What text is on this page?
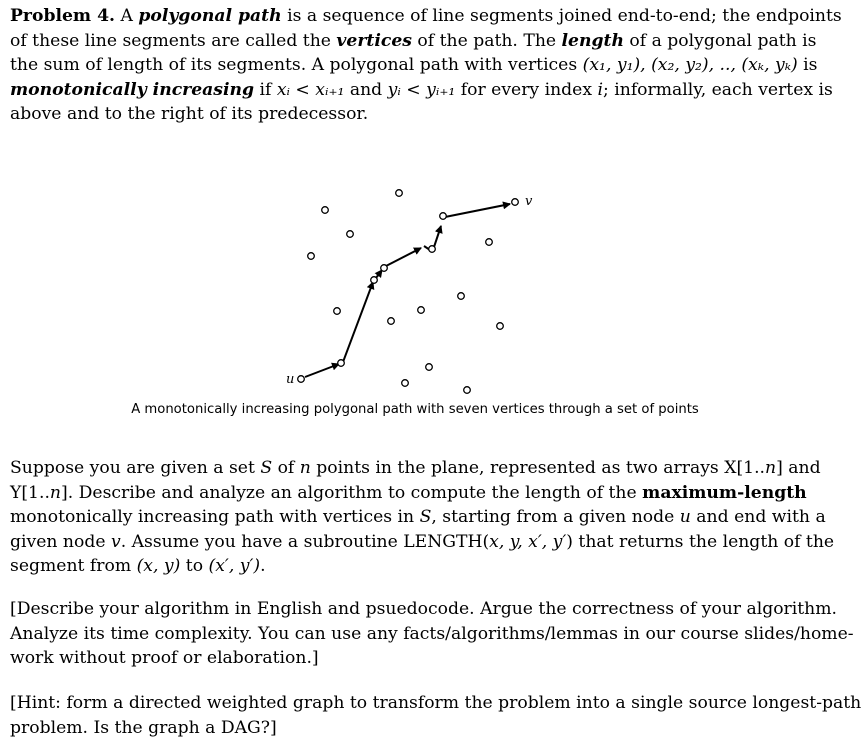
Problem 4. A polygonal path is a sequence of line segments joined end-to-end; the endpoints
of these line segments are called the vertices of the path. The length of a polygonal path is
the sum of length of its segments. A polygonal path with vertices (x₁, y₁), (x₂, y₂), .., (xₖ, yₖ) is
monotonically increasing if xᵢ < xᵢ₊₁ and yᵢ < yᵢ₊₁ for every index i; informally, each vertex is
above and to the right of its predecessor.
u
v
A monotonically increasing polygonal path with seven vertices through a set of points
Suppose you are given a set S of n points in the plane, represented as two arrays X[1..n] and
Y[1..n]. Describe and analyze an algorithm to compute the length of the maximum-length
monotonically increasing path with vertices in S, starting from a given node u and end with a
given node v. Assume you have a subroutine LENGTH(x, y, x′, y′) that returns the length of the
segment from (x, y) to (x′, y′).
[Describe your algorithm in English and psuedocode. Argue the correctness of your algorithm.
Analyze its time complexity. You can use any facts/algorithms/lemmas in our course slides/home-
work without proof or elaboration.]
[Hint: form a directed weighted graph to transform the problem into a single source longest-path
problem. Is the graph a DAG?]
